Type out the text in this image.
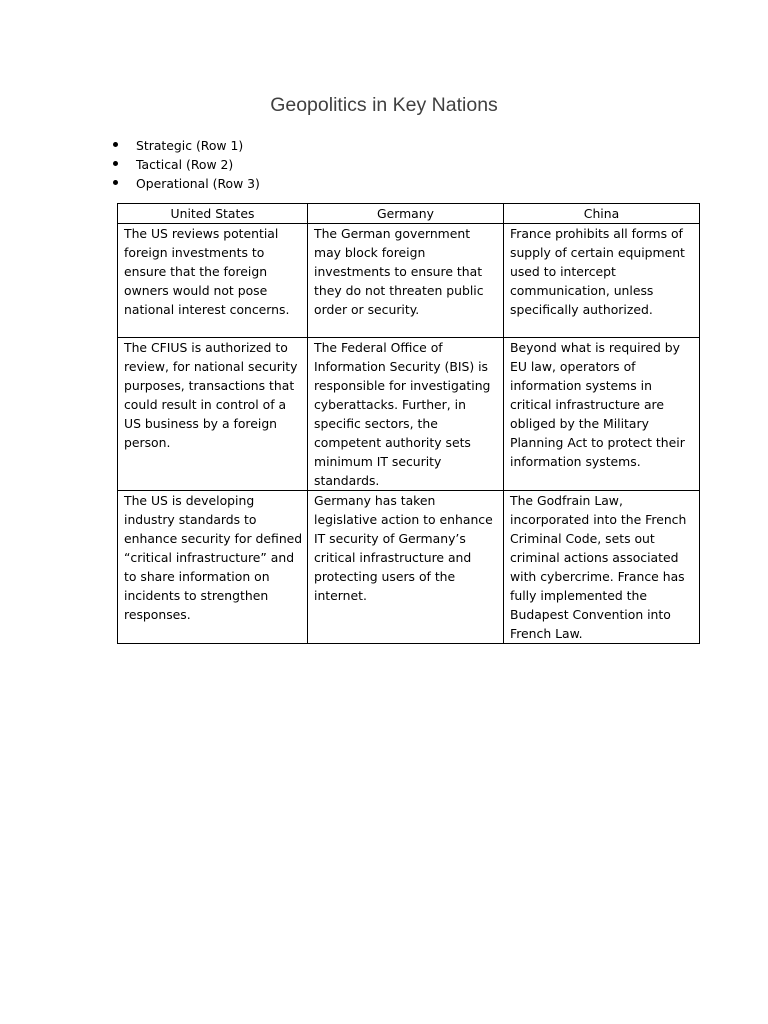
Geopolitics in Key Nations
Strategic (Row 1)
Tactical (Row 2)
Operational (Row 3)
United States	Germany	China
The US reviews potential foreign investments to ensure that the foreign owners would not pose national interest concerns.	The German government may block foreign investments to ensure that they do not threaten public order or security.	France prohibits all forms of supply of certain equipment used to intercept communication, unless specifically authorized.
The CFIUS is authorized to review, for national security purposes, transactions that could result in control of a US business by a foreign person.	The Federal Office of Information Security (BIS) is responsible for investigating cyberattacks. Further, in specific sectors, the competent authority sets minimum IT security standards.	Beyond what is required by EU law, operators of information systems in critical infrastructure are obliged by the Military Planning Act to protect their information systems.
The US is developing industry standards to enhance security for defined “critical infrastructure” and to share information on incidents to strengthen responses.	Germany has taken legislative action to enhance IT security of Germany’s critical infrastructure and protecting users of the internet.	The Godfrain Law, incorporated into the French Criminal Code, sets out criminal actions associated with cybercrime. France has fully implemented the Budapest Convention into French Law.
